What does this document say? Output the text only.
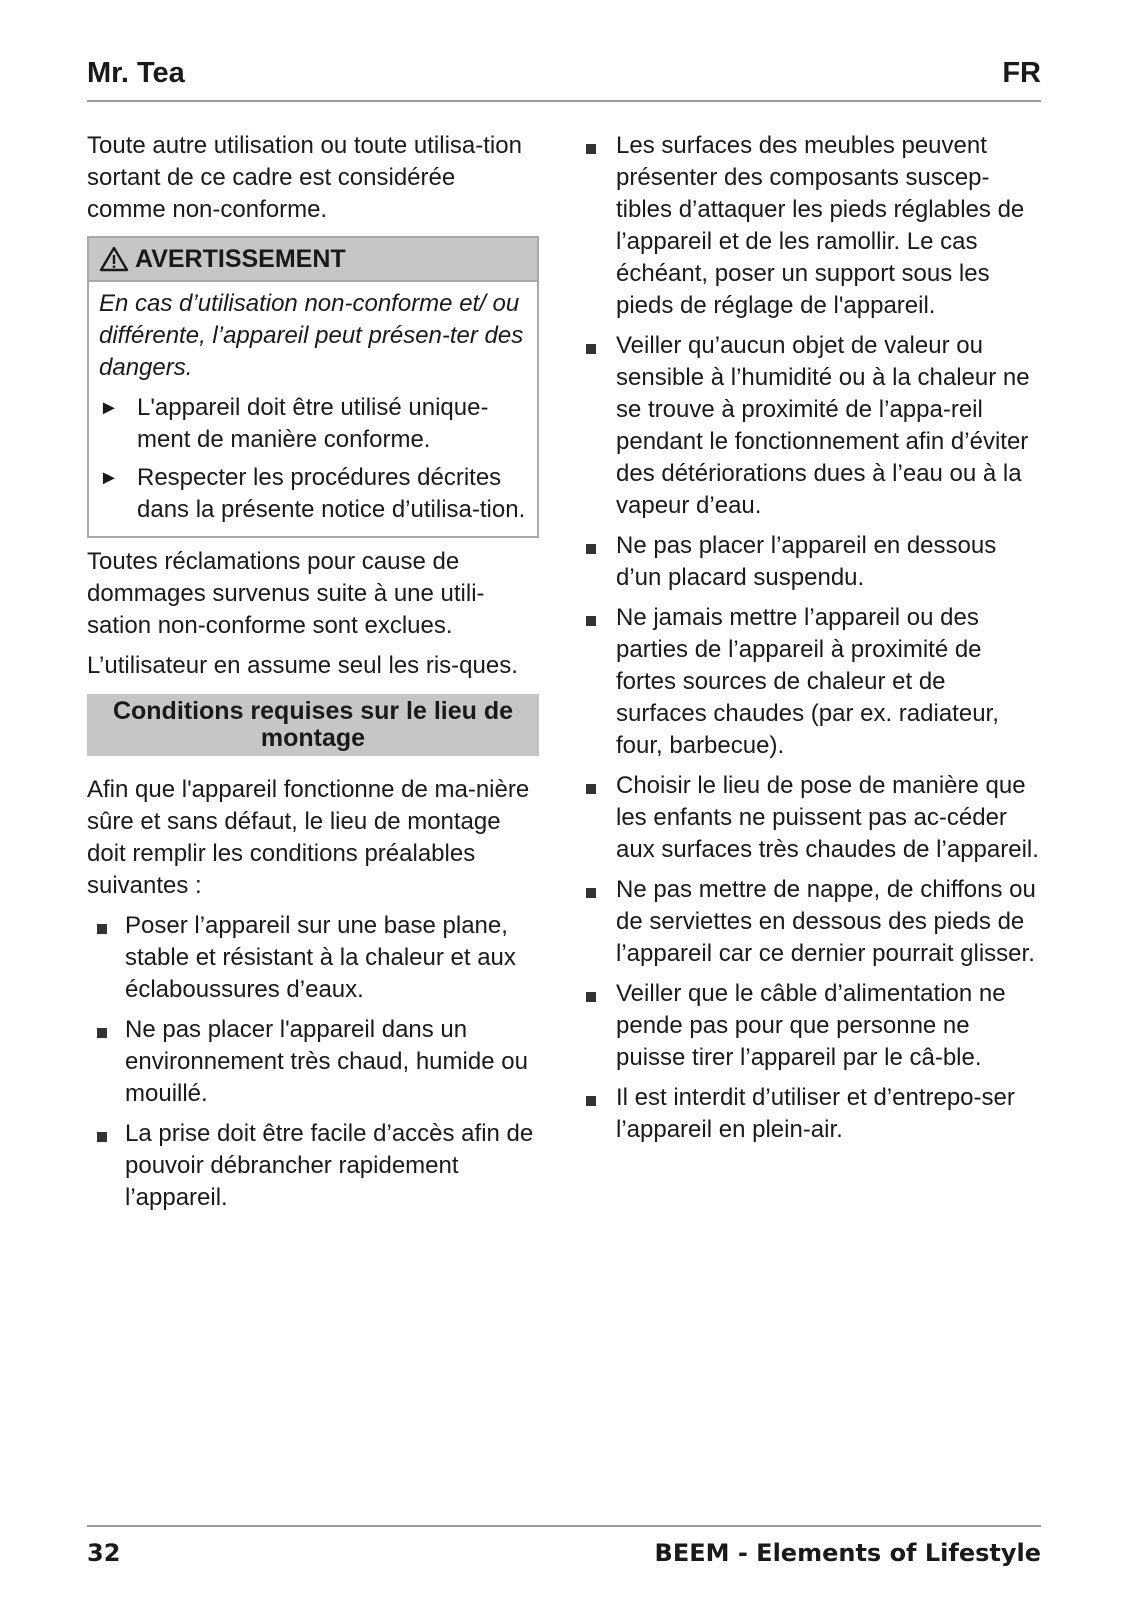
Mr. Tea	FR

Toute autre utilisation ou toute utilisa-tion sortant de ce cadre est considérée comme non-conforme.

AVERTISSEMENT
En cas d’utilisation non-conforme et/ ou différente, l’appareil peut présen-ter des dangers.
► L'appareil doit être utilisé unique-ment de manière conforme.
► Respecter les procédures décrites dans la présente notice d’utilisa-tion.

Toutes réclamations pour cause de dommages survenus suite à une utili-sation non-conforme sont exclues.

L’utilisateur en assume seul les ris-ques.

Conditions requises sur le lieu de montage

Afin que l'appareil fonctionne de ma-nière sûre et sans défaut, le lieu de montage doit remplir les conditions préalables suivantes :

Poser l’appareil sur une base plane, stable et résistant à la chaleur et aux éclaboussures d’eaux.
Ne pas placer l'appareil dans un environnement très chaud, humide ou mouillé.
La prise doit être facile d’accès afin de pouvoir débrancher rapidement l’appareil.
Les surfaces des meubles peuvent présenter des composants suscep-tibles d’attaquer les pieds réglables de l’appareil et de les ramollir. Le cas échéant, poser un support sous les pieds de réglage de l'appareil.
Veiller qu’aucun objet de valeur ou sensible à l’humidité ou à la chaleur ne se trouve à proximité de l’appa-reil pendant le fonctionnement afin d’éviter des détériorations dues à l’eau ou à la vapeur d’eau.
Ne pas placer l’appareil en dessous d’un placard suspendu.
Ne jamais mettre l’appareil ou des parties de l’appareil à proximité de fortes sources de chaleur et de surfaces chaudes (par ex. radiateur, four, barbecue).
Choisir le lieu de pose de manière que les enfants ne puissent pas ac-céder aux surfaces très chaudes de l’appareil.
Ne pas mettre de nappe, de chiffons ou de serviettes en dessous des pieds de l’appareil car ce dernier pourrait glisser.
Veiller que le câble d’alimentation ne pende pas pour que personne ne puisse tirer l’appareil par le câ-ble.
Il est interdit d’utiliser et d’entrepo-ser l’appareil en plein-air.
32	BEEM - Elements of Lifestyle
